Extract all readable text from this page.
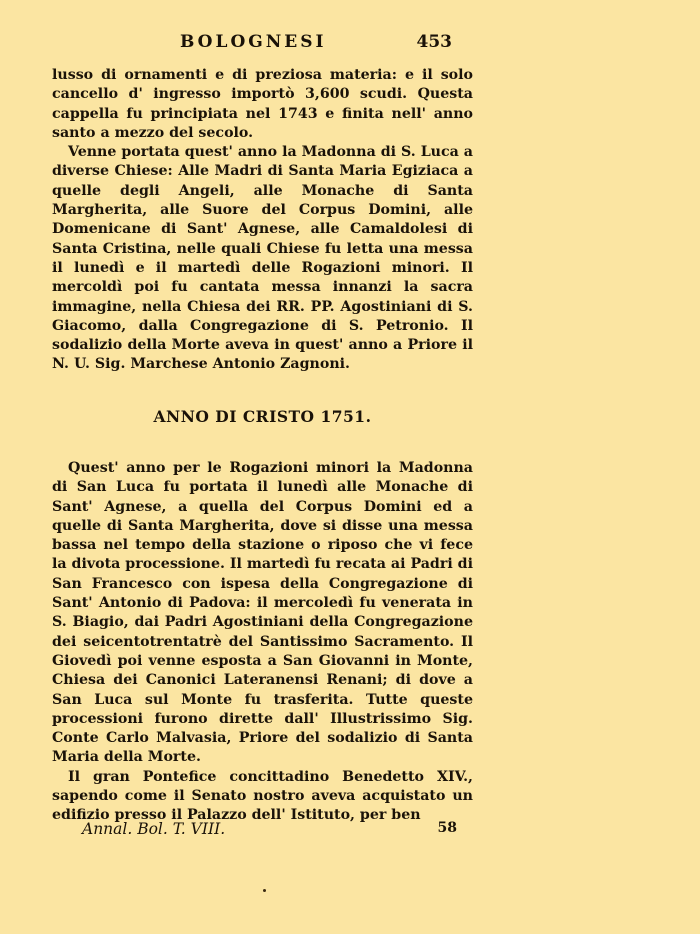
BOLOGNESI	453

lusso di ornamenti e di preziosa materia: e il solo cancello d' ingresso importò 3,600 scudi. Questa cappella fu principiata nel 1743 e finita nell' anno santo a mezzo del secolo.

Venne portata quest' anno la Madonna di S. Luca a diverse Chiese: Alle Madri di Santa Maria Egiziaca a quelle degli Angeli, alle Monache di Santa Margherita, alle Suore del Corpus Domini, alle Domenicane di Sant' Agnese, alle Camaldolesi di Santa Cristina, nelle quali Chiese fu letta una messa il lunedì e il martedì delle Rogazioni minori. Il mercoldì poi fu cantata messa innanzi la sacra immagine, nella Chiesa dei RR. PP. Agostiniani di S. Giacomo, dalla Congregazione di S. Petronio. Il sodalizio della Morte aveva in quest' anno a Priore il N. U. Sig. Marchese Antonio Zagnoni.

ANNO DI CRISTO 1751.

Quest' anno per le Rogazioni minori la Madonna di San Luca fu portata il lunedì alle Monache di Sant' Agnese, a quella del Corpus Domini ed a quelle di Santa Margherita, dove si disse una messa bassa nel tempo della stazione o riposo che vi fece la divota processione. Il martedì fu recata ai Padri di San Francesco con ispesa della Congregazione di Sant' Antonio di Padova: il mercoledì fu venerata in S. Biagio, dai Padri Agostiniani della Congregazione dei seicentotrentatrè del Santissimo Sacramento. Il Giovedì poi venne esposta a San Giovanni in Monte, Chiesa dei Canonici Lateranensi Renani; di dove a San Luca sul Monte fu trasferita. Tutte queste processioni furono dirette dall' Illustrissimo Sig. Conte Carlo Malvasia, Priore del sodalizio di Santa Maria della Morte.

Il gran Pontefice concittadino Benedetto XIV., sapendo come il Senato nostro aveva acquistato un edifizio presso il Palazzo dell' Istituto, per ben

Annal. Bol. T. VIII.	58
